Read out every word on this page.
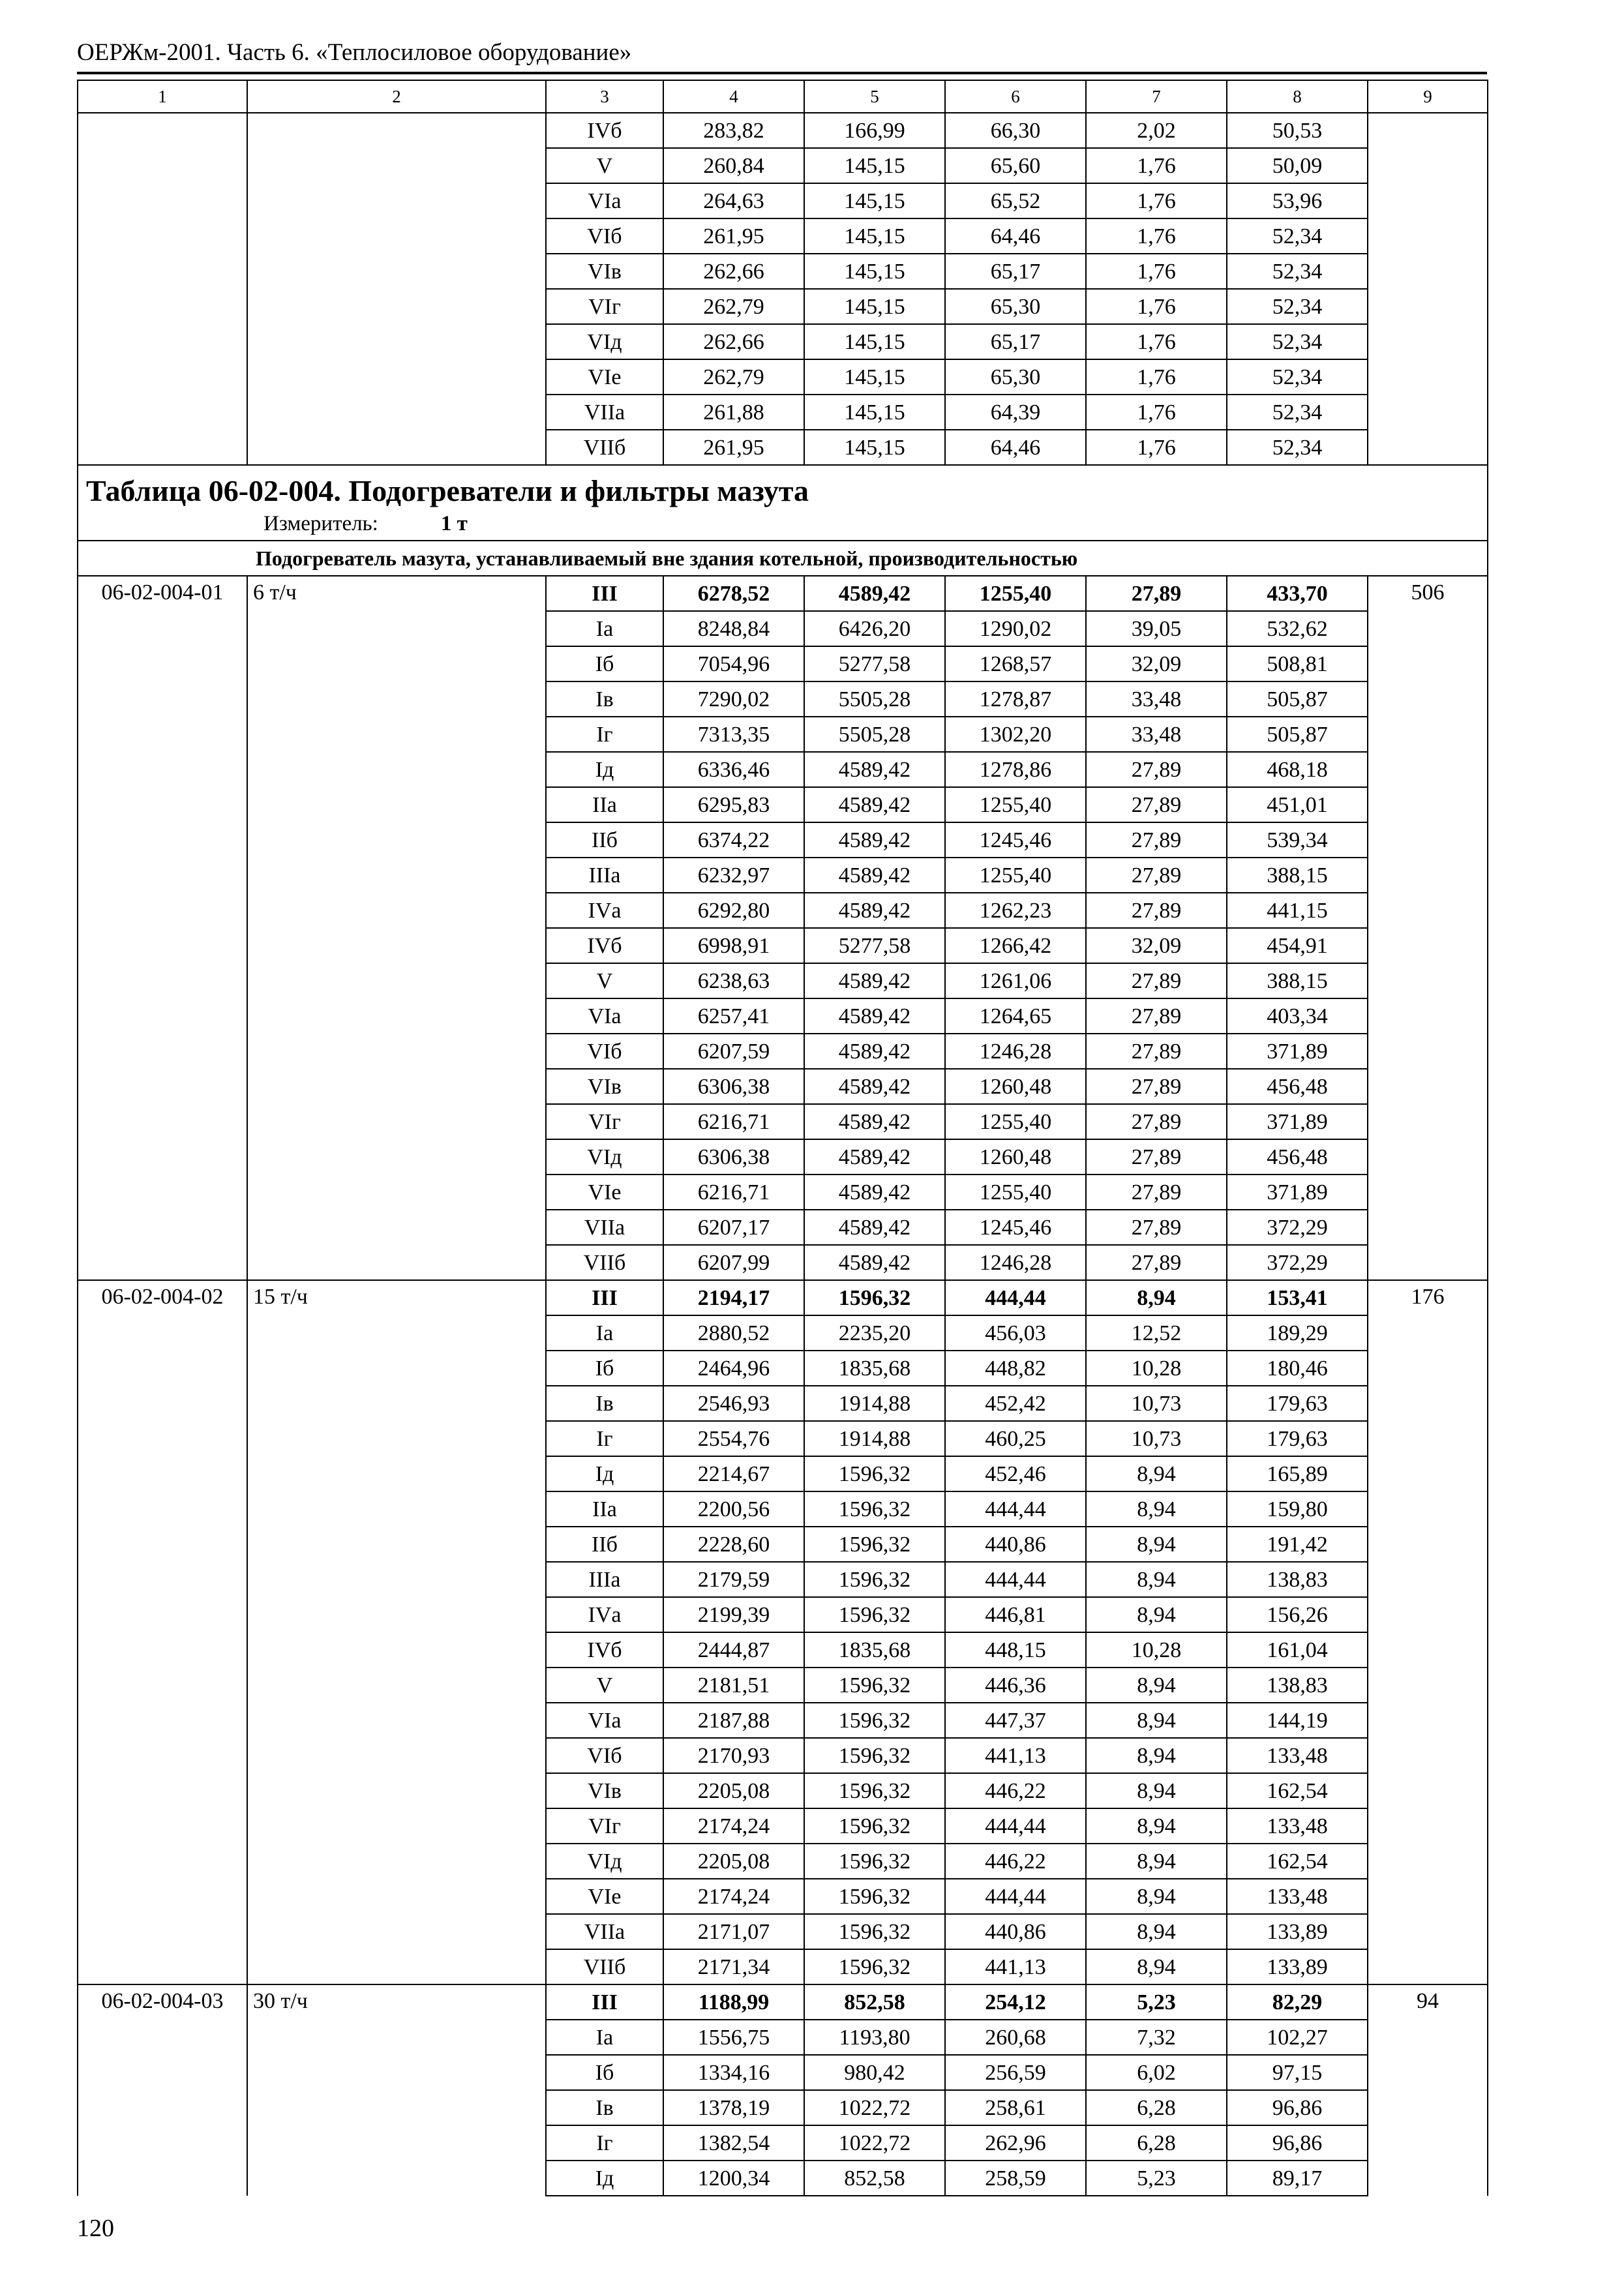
ОЕРЖм-2001. Часть 6. «Теплосиловое оборудование»
1	2	3	4	5	6	7	8	9
		IVб	283,82	166,99	66,30	2,02	50,53	
		V	260,84	145,15	65,60	1,76	50,09	
		VIа	264,63	145,15	65,52	1,76	53,96	
		VIб	261,95	145,15	64,46	1,76	52,34	
		VIв	262,66	145,15	65,17	1,76	52,34	
		VIг	262,79	145,15	65,30	1,76	52,34	
		VIд	262,66	145,15	65,17	1,76	52,34	
		VIе	262,79	145,15	65,30	1,76	52,34	
		VIIа	261,88	145,15	64,39	1,76	52,34	
		VIIб	261,95	145,15	64,46	1,76	52,34	

Таблица 06-02-004. Подогреватели и фильтры мазута
Измеритель: 1 т								

Подогреватель мазута, устанавливаемый вне здания котельной, производительностью								
06-02-004-01	6 т/ч	III	6278,52	4589,42	1255,40	27,89	433,70	506
		Iа	8248,84	6426,20	1290,02	39,05	532,62	
		Iб	7054,96	5277,58	1268,57	32,09	508,81	
		Iв	7290,02	5505,28	1278,87	33,48	505,87	
		Iг	7313,35	5505,28	1302,20	33,48	505,87	
		Iд	6336,46	4589,42	1278,86	27,89	468,18	
		IIа	6295,83	4589,42	1255,40	27,89	451,01	
		IIб	6374,22	4589,42	1245,46	27,89	539,34	
		IIIа	6232,97	4589,42	1255,40	27,89	388,15	
		IVа	6292,80	4589,42	1262,23	27,89	441,15	
		IVб	6998,91	5277,58	1266,42	32,09	454,91	
		V	6238,63	4589,42	1261,06	27,89	388,15	
		VIа	6257,41	4589,42	1264,65	27,89	403,34	
		VIб	6207,59	4589,42	1246,28	27,89	371,89	
		VIв	6306,38	4589,42	1260,48	27,89	456,48	
		VIг	6216,71	4589,42	1255,40	27,89	371,89	
		VIд	6306,38	4589,42	1260,48	27,89	456,48	
		VIе	6216,71	4589,42	1255,40	27,89	371,89	
		VIIа	6207,17	4589,42	1245,46	27,89	372,29	
		VIIб	6207,99	4589,42	1246,28	27,89	372,29	
06-02-004-02	15 т/ч	III	2194,17	1596,32	444,44	8,94	153,41	176
		Iа	2880,52	2235,20	456,03	12,52	189,29	
		Iб	2464,96	1835,68	448,82	10,28	180,46	
		Iв	2546,93	1914,88	452,42	10,73	179,63	
		Iг	2554,76	1914,88	460,25	10,73	179,63	
		Iд	2214,67	1596,32	452,46	8,94	165,89	
		IIа	2200,56	1596,32	444,44	8,94	159,80	
		IIб	2228,60	1596,32	440,86	8,94	191,42	
		IIIа	2179,59	1596,32	444,44	8,94	138,83	
		IVа	2199,39	1596,32	446,81	8,94	156,26	
		IVб	2444,87	1835,68	448,15	10,28	161,04	
		V	2181,51	1596,32	446,36	8,94	138,83	
		VIа	2187,88	1596,32	447,37	8,94	144,19	
		VIб	2170,93	1596,32	441,13	8,94	133,48	
		VIв	2205,08	1596,32	446,22	8,94	162,54	
		VIг	2174,24	1596,32	444,44	8,94	133,48	
		VIд	2205,08	1596,32	446,22	8,94	162,54	
		VIе	2174,24	1596,32	444,44	8,94	133,48	
		VIIа	2171,07	1596,32	440,86	8,94	133,89	
		VIIб	2171,34	1596,32	441,13	8,94	133,89	
06-02-004-03	30 т/ч	III	1188,99	852,58	254,12	5,23	82,29	94
		Iа	1556,75	1193,80	260,68	7,32	102,27	
		Iб	1334,16	980,42	256,59	6,02	97,15	
		Iв	1378,19	1022,72	258,61	6,28	96,86	
		Iг	1382,54	1022,72	262,96	6,28	96,86	
		Iд	1200,34	852,58	258,59	5,23	89,17	
120
